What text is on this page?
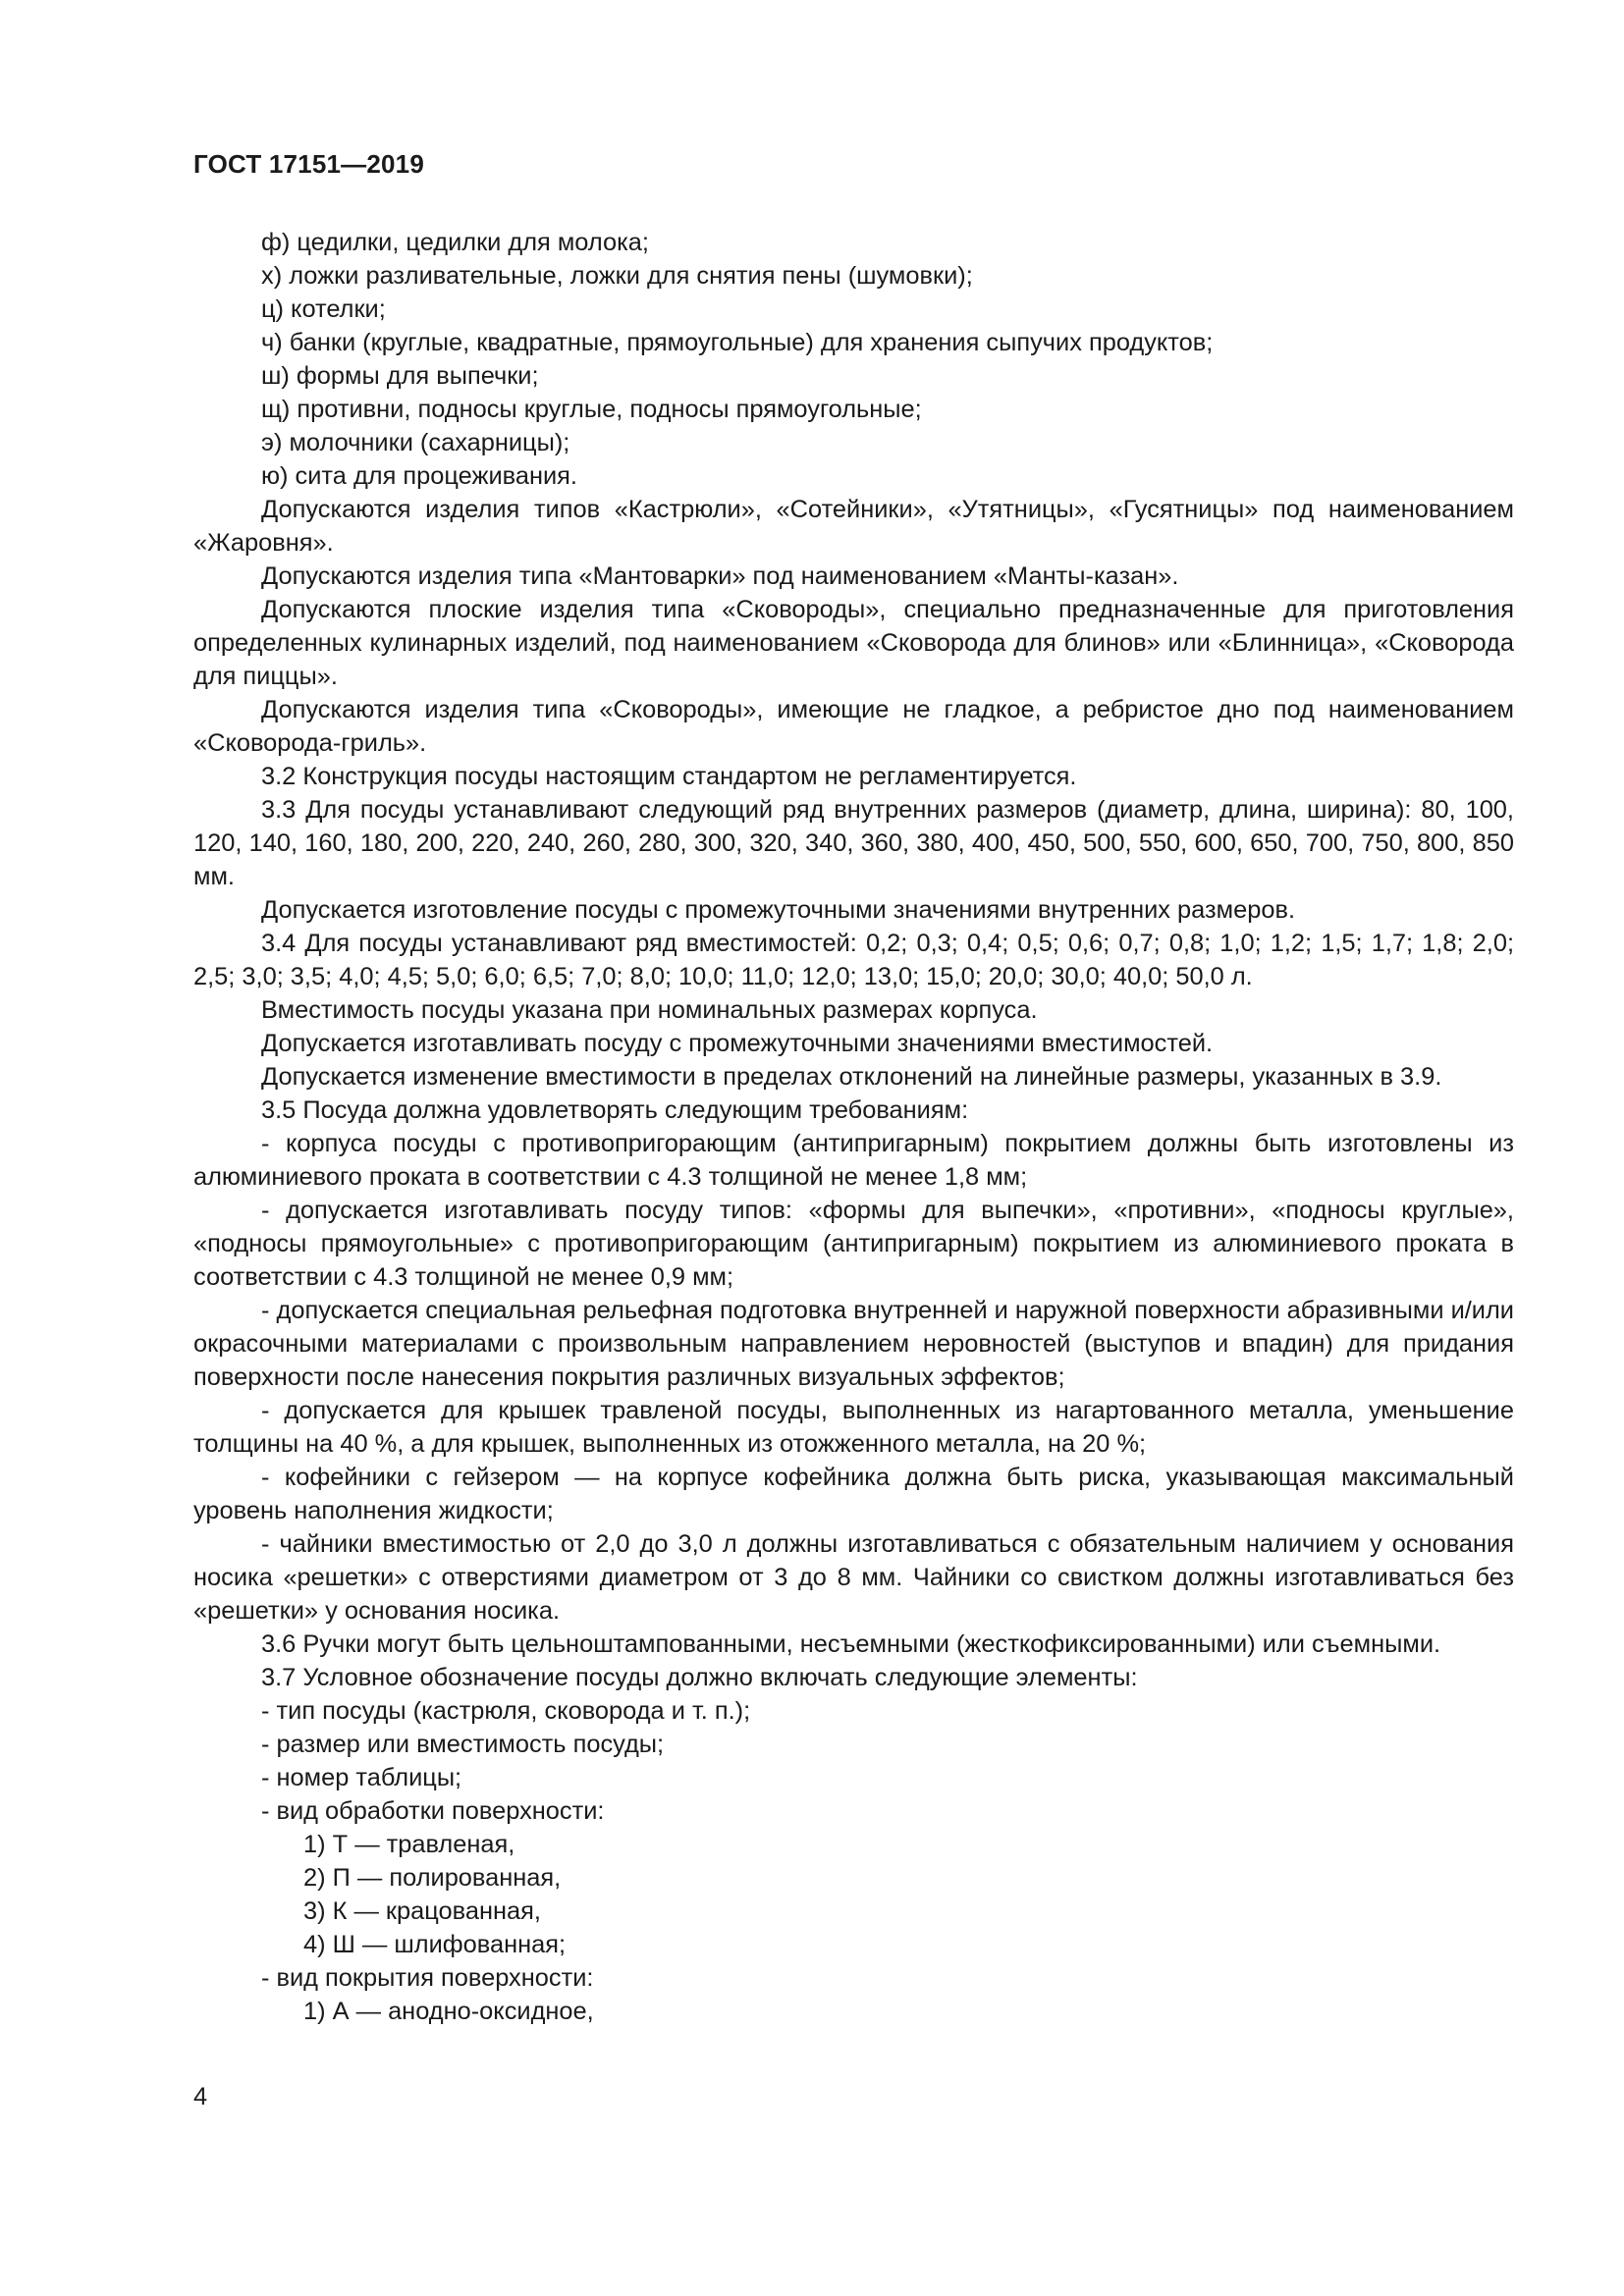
ГОСТ 17151—2019

ф) цедилки, цедилки для молока;

х) ложки разливательные, ложки для снятия пены (шумовки);

ц) котелки;

ч) банки (круглые, квадратные, прямоугольные) для хранения сыпучих продуктов;

ш) формы для выпечки;

щ) противни, подносы круглые, подносы прямоугольные;

э) молочники (сахарницы);

ю) сита для процеживания.

Допускаются изделия типов «Кастрюли», «Сотейники», «Утятницы», «Гусятницы» под наименованием «Жаровня».

Допускаются изделия типа «Мантоварки» под наименованием «Манты-казан».

Допускаются плоские изделия типа «Сковороды», специально предназначенные для приготовления определенных кулинарных изделий, под наименованием «Сковорода для блинов» или «Блинница», «Сковорода для пиццы».

Допускаются изделия типа «Сковороды», имеющие не гладкое, а ребристое дно под наименованием «Сковорода-гриль».

3.2 Конструкция посуды настоящим стандартом не регламентируется.

3.3 Для посуды устанавливают следующий ряд внутренних размеров (диаметр, длина, ширина): 80, 100, 120, 140, 160, 180, 200, 220, 240, 260, 280, 300, 320, 340, 360, 380, 400, 450, 500, 550, 600, 650, 700, 750, 800, 850 мм.

Допускается изготовление посуды с промежуточными значениями внутренних размеров.

3.4 Для посуды устанавливают ряд вместимостей: 0,2; 0,3; 0,4; 0,5; 0,6; 0,7; 0,8; 1,0; 1,2; 1,5; 1,7; 1,8; 2,0; 2,5; 3,0; 3,5; 4,0; 4,5; 5,0; 6,0; 6,5; 7,0; 8,0; 10,0; 11,0; 12,0; 13,0; 15,0; 20,0; 30,0; 40,0; 50,0 л.

Вместимость посуды указана при номинальных размерах корпуса.

Допускается изготавливать посуду с промежуточными значениями вместимостей.

Допускается изменение вместимости в пределах отклонений на линейные размеры, указанных в 3.9.

3.5 Посуда должна удовлетворять следующим требованиям:

- корпуса посуды с противопригорающим (антипригарным) покрытием должны быть изготовлены из алюминиевого проката в соответствии с 4.3 толщиной не менее 1,8 мм;

- допускается изготавливать посуду типов: «формы для выпечки», «противни», «подносы круглые», «подносы прямоугольные» с противопригорающим (антипригарным) покрытием из алюминиевого проката в соответствии с 4.3 толщиной не менее 0,9 мм;

- допускается специальная рельефная подготовка внутренней и наружной поверхности абразивными и/или окрасочными материалами с произвольным направлением неровностей (выступов и впадин) для придания поверхности после нанесения покрытия различных визуальных эффектов;

- допускается для крышек травленой посуды, выполненных из нагартованного металла, уменьшение толщины на 40 %, а для крышек, выполненных из отожженного металла, на 20 %;

- кофейники с гейзером — на корпусе кофейника должна быть риска, указывающая максимальный уровень наполнения жидкости;

- чайники вместимостью от 2,0 до 3,0 л должны изготавливаться с обязательным наличием у основания носика «решетки» с отверстиями диаметром от 3 до 8 мм. Чайники со свистком должны изготавливаться без «решетки» у основания носика.

3.6 Ручки могут быть цельноштампованными, несъемными (жесткофиксированными) или съемными.

3.7 Условное обозначение посуды должно включать следующие элементы:

- тип посуды (кастрюля, сковорода и т. п.);

- размер или вместимость посуды;

- номер таблицы;

- вид обработки поверхности:

1) Т — травленая,

2) П — полированная,

3) К — крацованная,

4) Ш — шлифованная;

- вид покрытия поверхности:

1) А — анодно-оксидное,

4
